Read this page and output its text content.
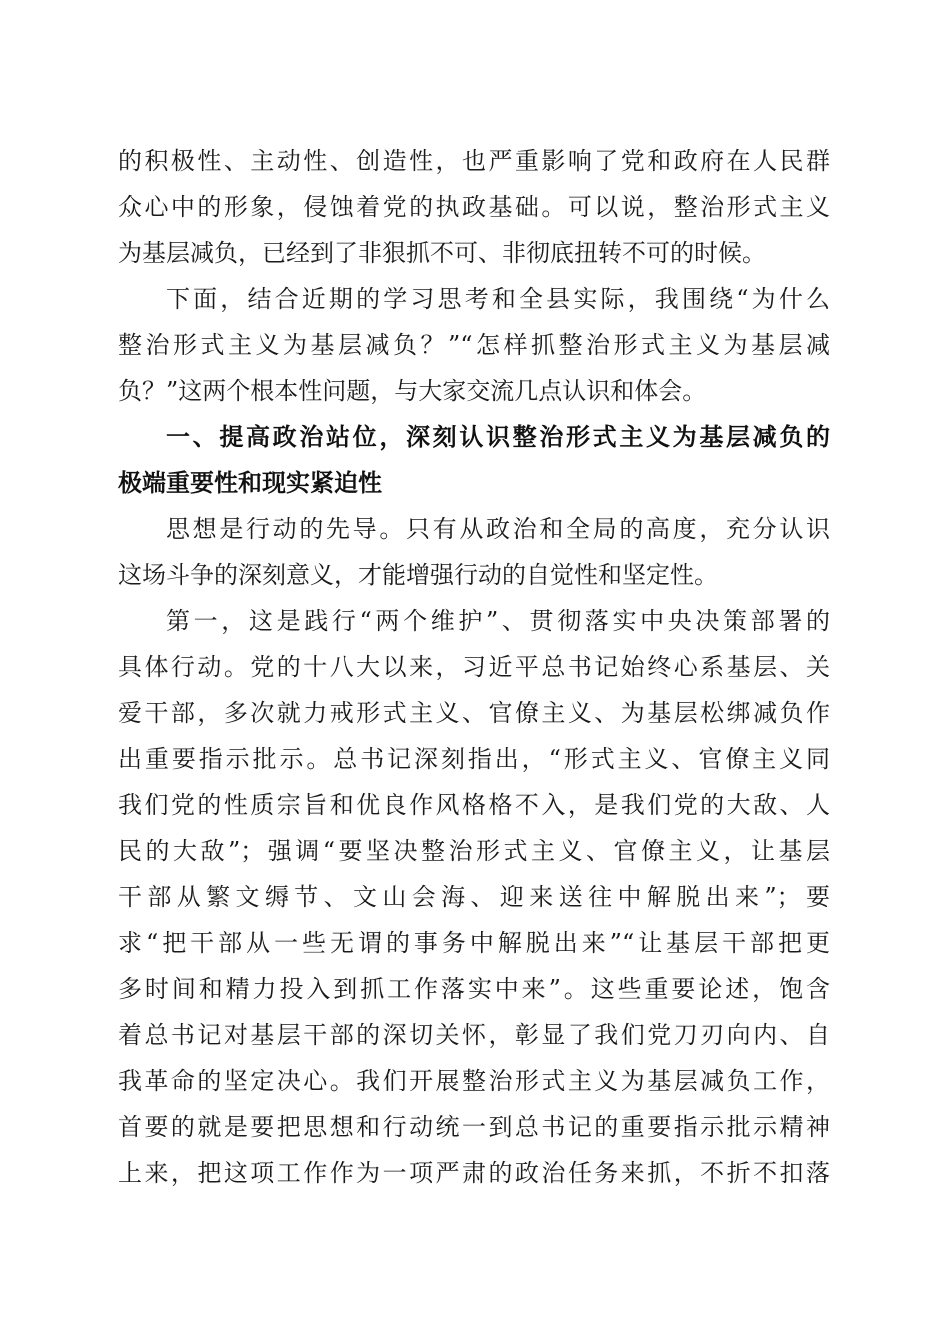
的积极性、主动性、创造性，也严重影响了党和政府在人民群
众心中的形象，侵蚀着党的执政基础。可以说，整治形式主义
为基层减负，已经到了非狠抓不可、非彻底扭转不可的时候。
下面，结合近期的学习思考和全县实际，我围绕“为什么
整治形式主义为基层减负？”“怎样抓整治形式主义为基层减
负？”这两个根本性问题，与大家交流几点认识和体会。
一、提高政治站位，深刻认识整治形式主义为基层减负的
极端重要性和现实紧迫性
思想是行动的先导。只有从政治和全局的高度，充分认识
这场斗争的深刻意义，才能增强行动的自觉性和坚定性。
第一，这是践行“两个维护”、贯彻落实中央决策部署的
具体行动。党的十八大以来，习近平总书记始终心系基层、关
爱干部，多次就力戒形式主义、官僚主义、为基层松绑减负作
出重要指示批示。总书记深刻指出，“形式主义、官僚主义同
我们党的性质宗旨和优良作风格格不入，是我们党的大敌、人
民的大敌”；强调“要坚决整治形式主义、官僚主义，让基层
干部从繁文缛节、文山会海、迎来送往中解脱出来”；要
求“把干部从一些无谓的事务中解脱出来”“让基层干部把更
多时间和精力投入到抓工作落实中来”。这些重要论述，饱含
着总书记对基层干部的深切关怀，彰显了我们党刀刃向内、自
我革命的坚定决心。我们开展整治形式主义为基层减负工作，
首要的就是要把思想和行动统一到总书记的重要指示批示精神
上来，把这项工作作为一项严肃的政治任务来抓，不折不扣落
